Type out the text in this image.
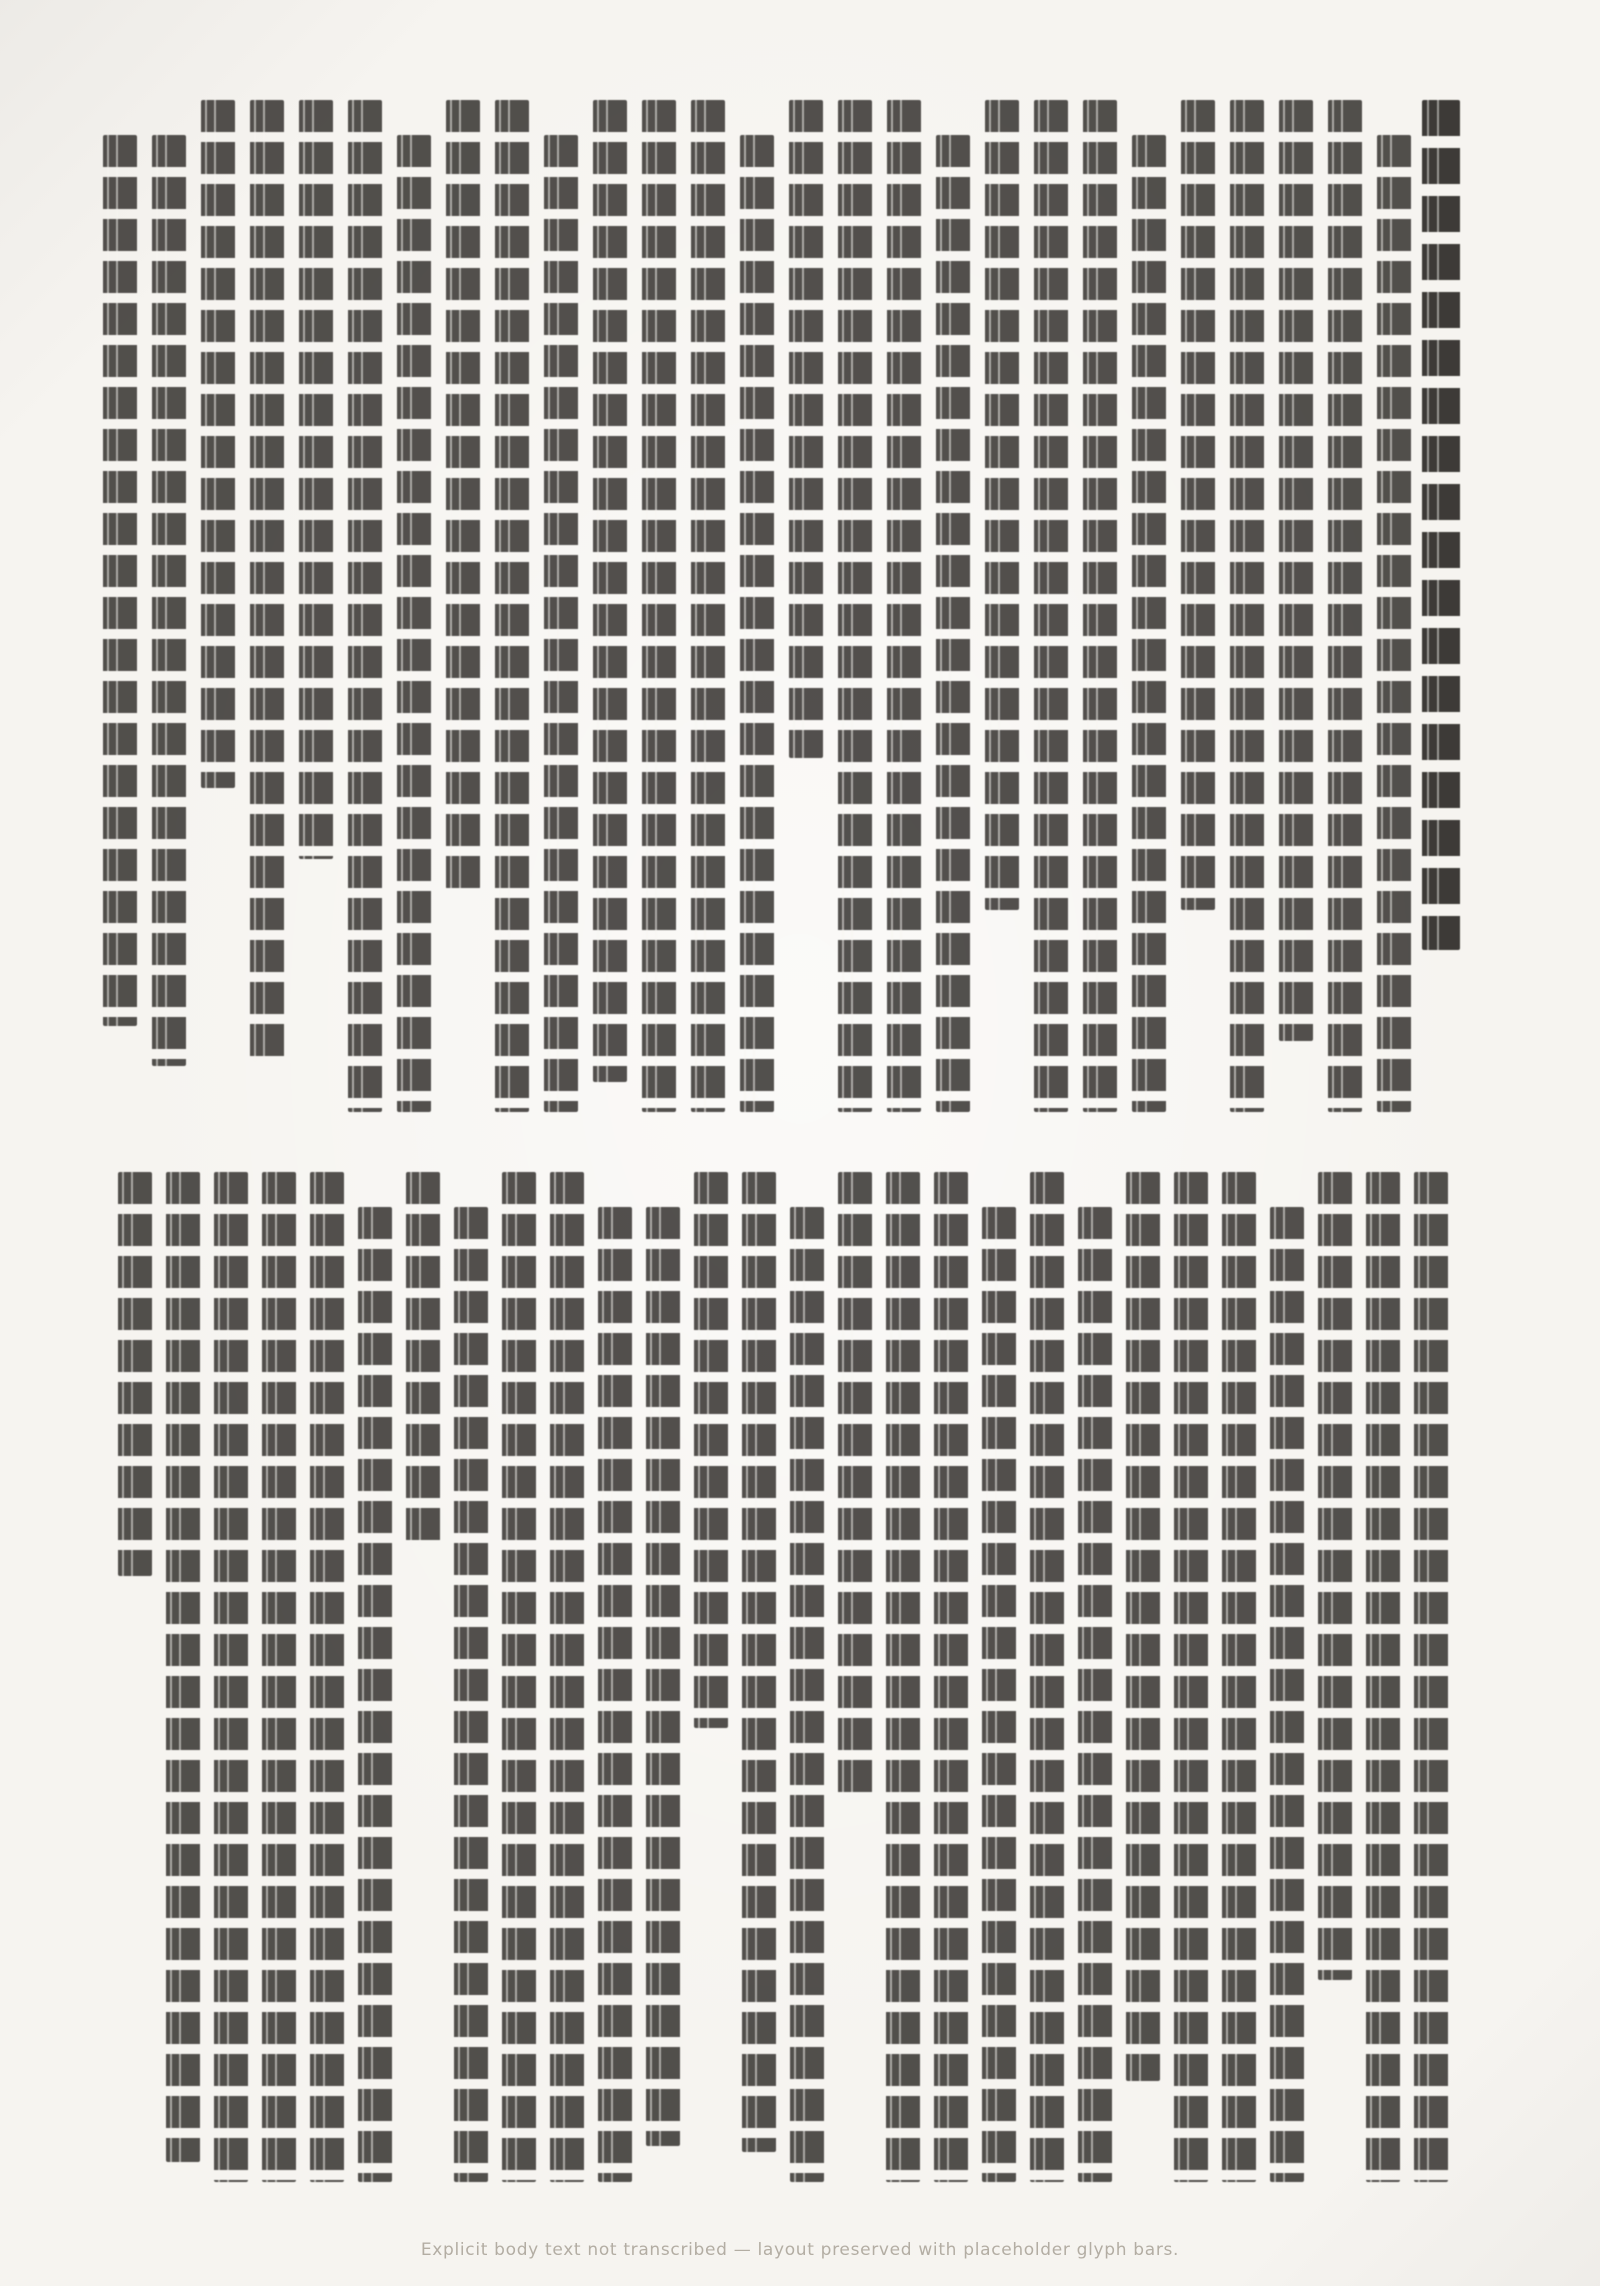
Explicit body text not transcribed — layout preserved with placeholder glyph bars.
